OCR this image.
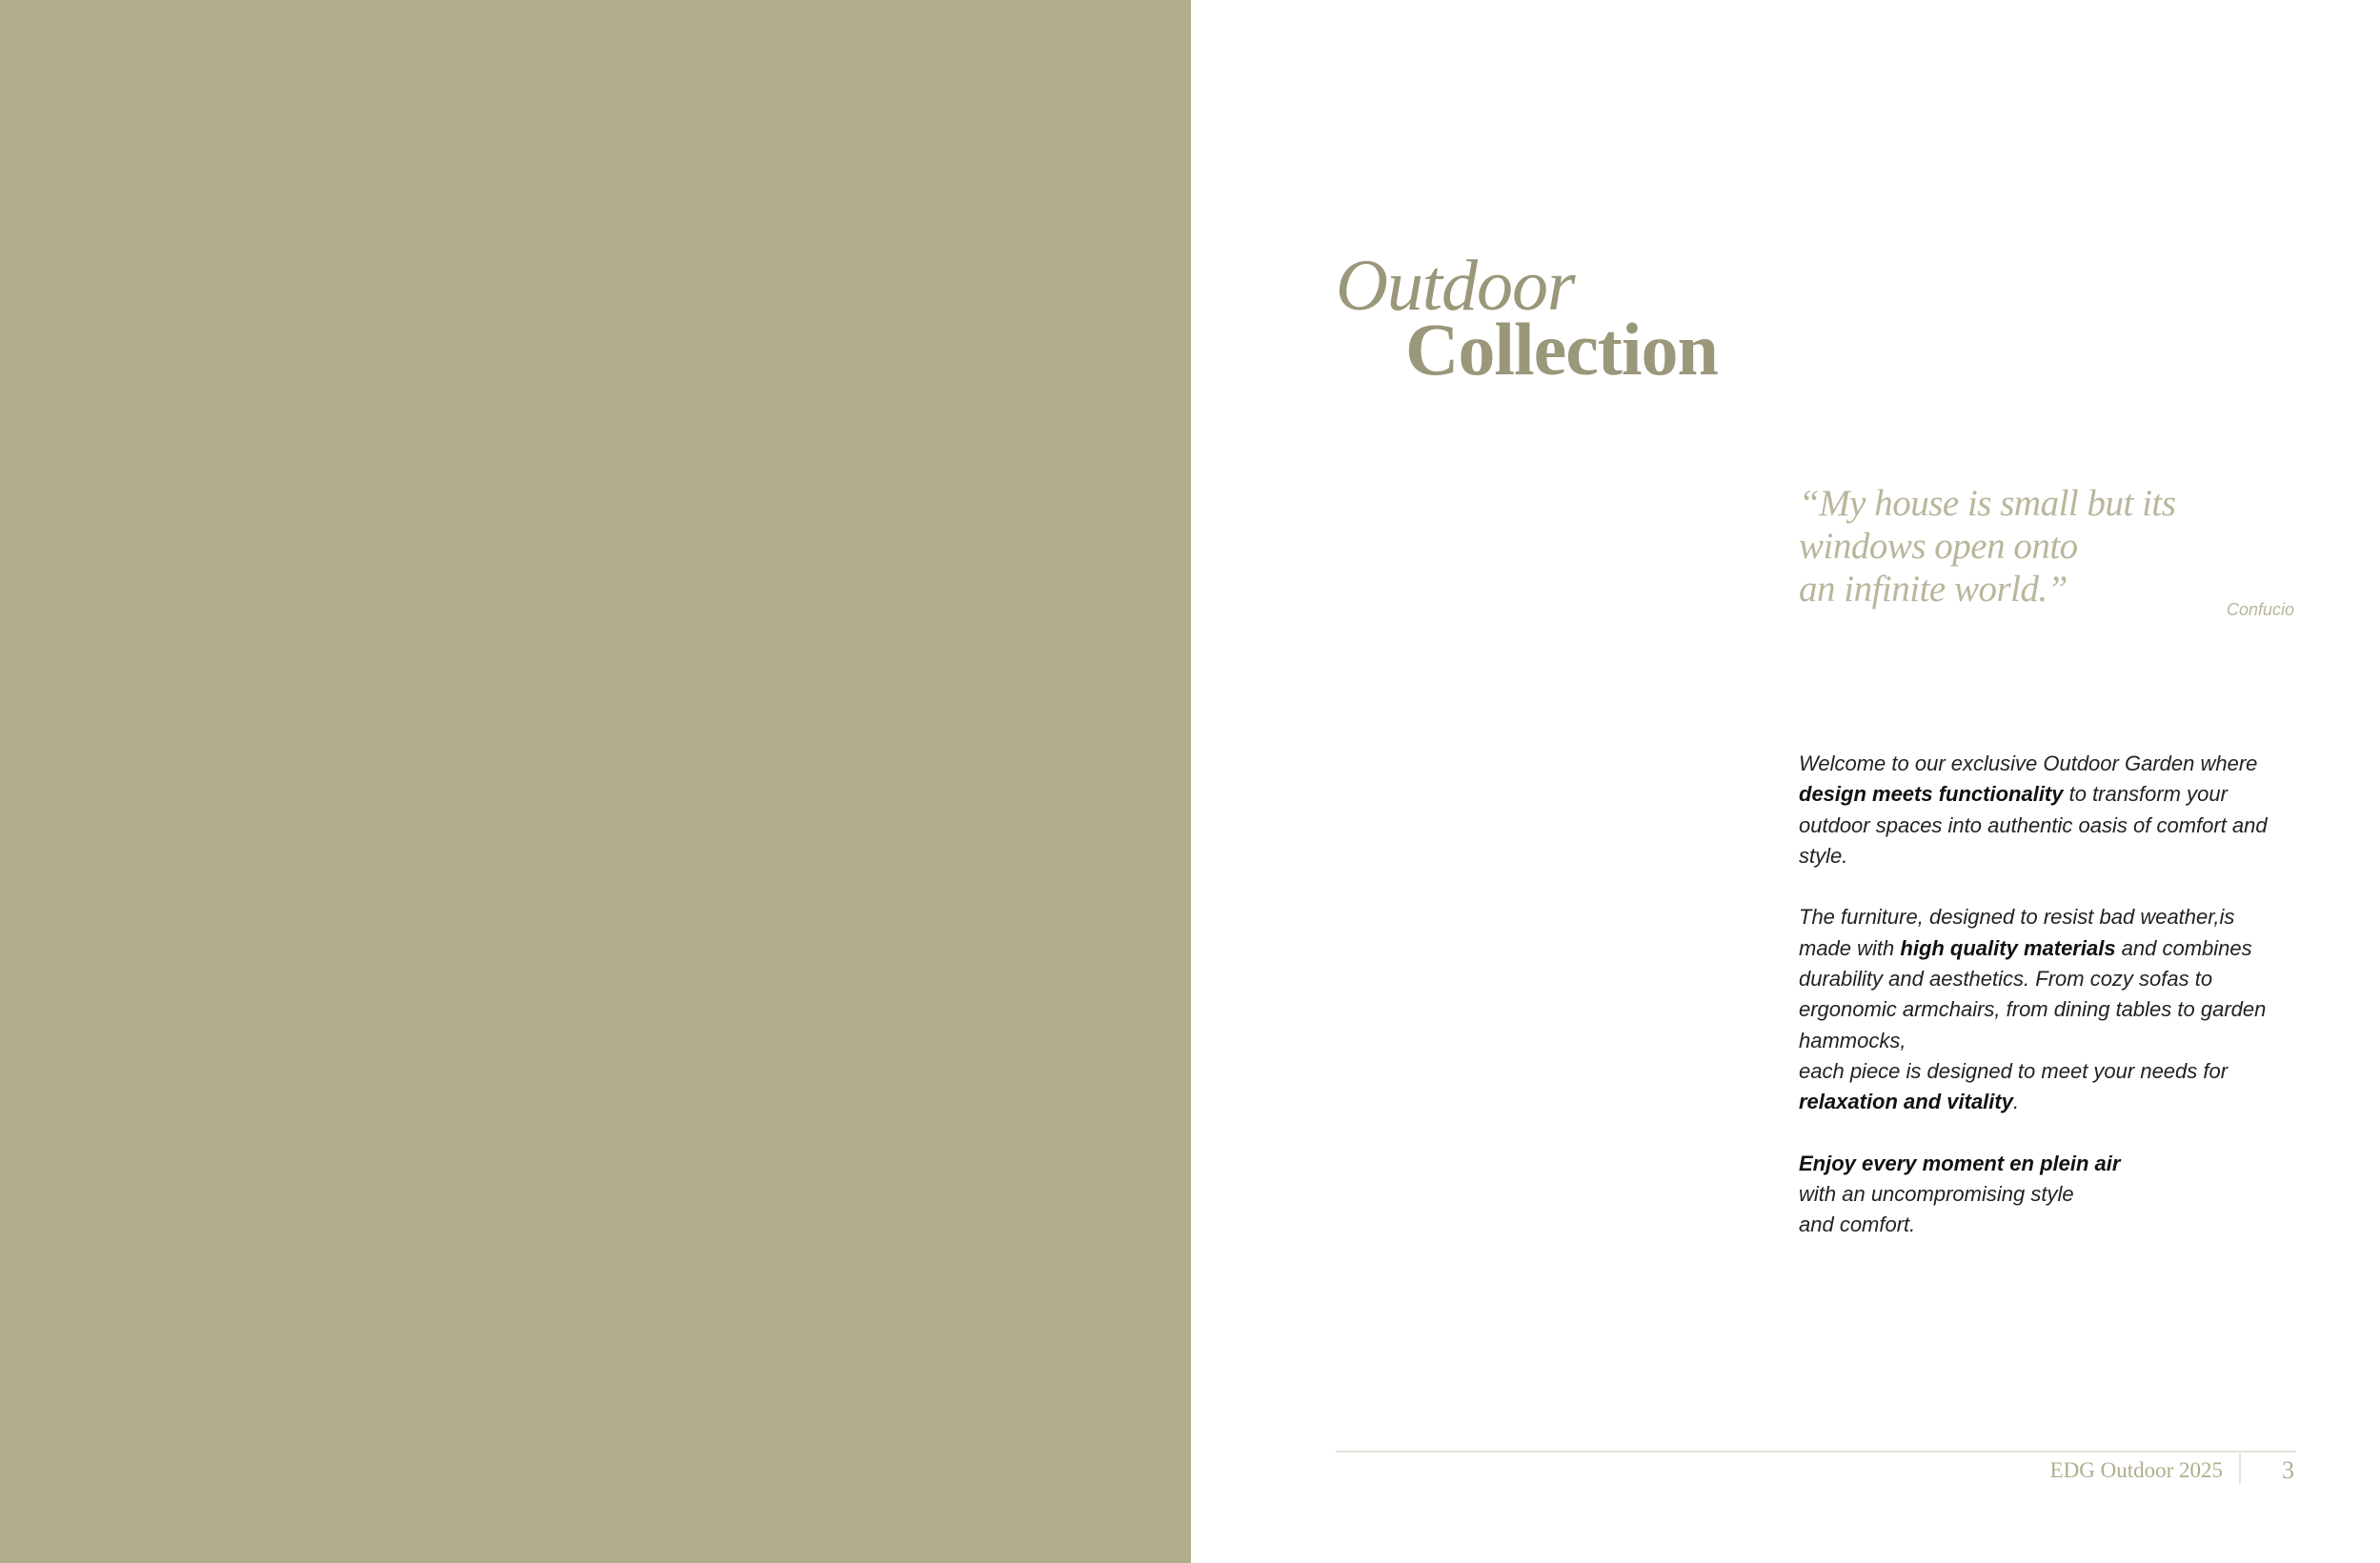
Outdoor
Collection
“My house is small but its
windows open onto
an infinite world.”	Confucio

Welcome to our exclusive Outdoor Garden where design meets functionality to transform your outdoor spaces into authentic oasis of comfort and style.

The furniture, designed to resist bad weather,is made with high quality materials and combines durability and aesthetics. From cozy sofas to ergonomic armchairs, from dining tables to garden hammocks,
each piece is designed to meet your needs for relaxation and vitality.

Enjoy every moment en plein air
with an uncompromising style
and comfort.

EDG Outdoor 2025	3
